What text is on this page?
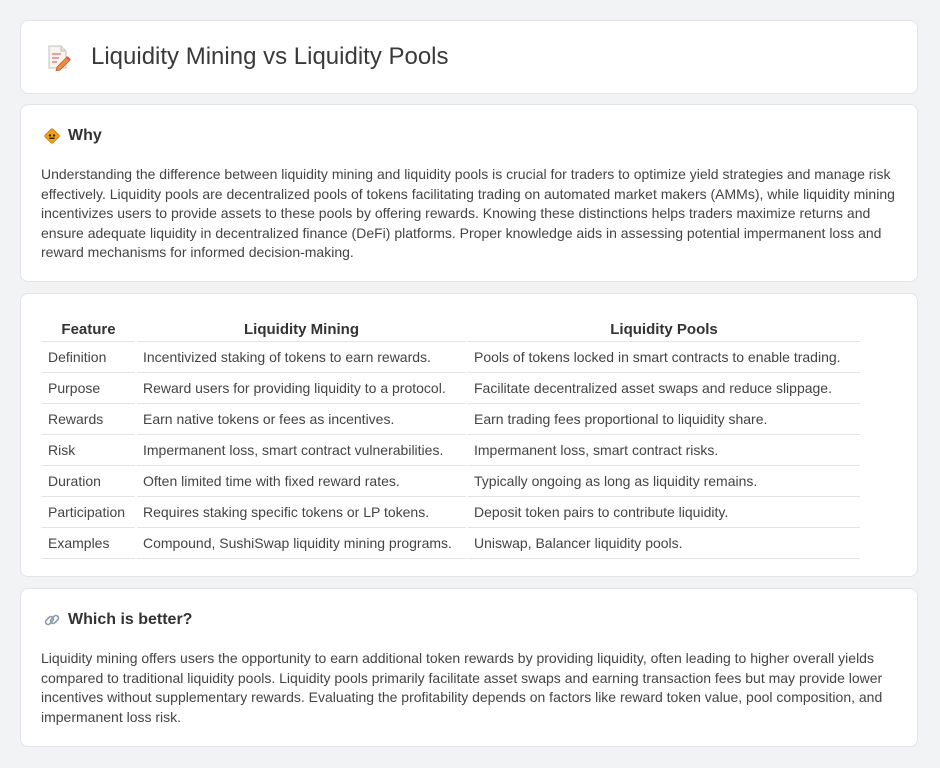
Liquidity Mining vs Liquidity Pools
Why

Understanding the difference between liquidity mining and liquidity pools is crucial for traders to optimize yield strategies and manage risk effectively. Liquidity pools are decentralized pools of tokens facilitating trading on automated market makers (AMMs), while liquidity mining incentivizes users to provide assets to these pools by offering rewards. Knowing these distinctions helps traders maximize returns and ensure adequate liquidity in decentralized finance (DeFi) platforms. Proper knowledge aids in assessing potential impermanent loss and reward mechanisms for informed decision-making.

Feature	Liquidity Mining	Liquidity Pools
Definition	Incentivized staking of tokens to earn rewards.	Pools of tokens locked in smart contracts to enable trading.
Purpose	Reward users for providing liquidity to a protocol.	Facilitate decentralized asset swaps and reduce slippage.
Rewards	Earn native tokens or fees as incentives.	Earn trading fees proportional to liquidity share.
Risk	Impermanent loss, smart contract vulnerabilities.	Impermanent loss, smart contract risks.
Duration	Often limited time with fixed reward rates.	Typically ongoing as long as liquidity remains.
Participation	Requires staking specific tokens or LP tokens.	Deposit token pairs to contribute liquidity.
Examples	Compound, SushiSwap liquidity mining programs.	Uniswap, Balancer liquidity pools.
Which is better?

Liquidity mining offers users the opportunity to earn additional token rewards by providing liquidity, often leading to higher overall yields compared to traditional liquidity pools. Liquidity pools primarily facilitate asset swaps and earning transaction fees but may provide lower incentives without supplementary rewards. Evaluating the profitability depends on factors like reward token value, pool composition, and impermanent loss risk.
